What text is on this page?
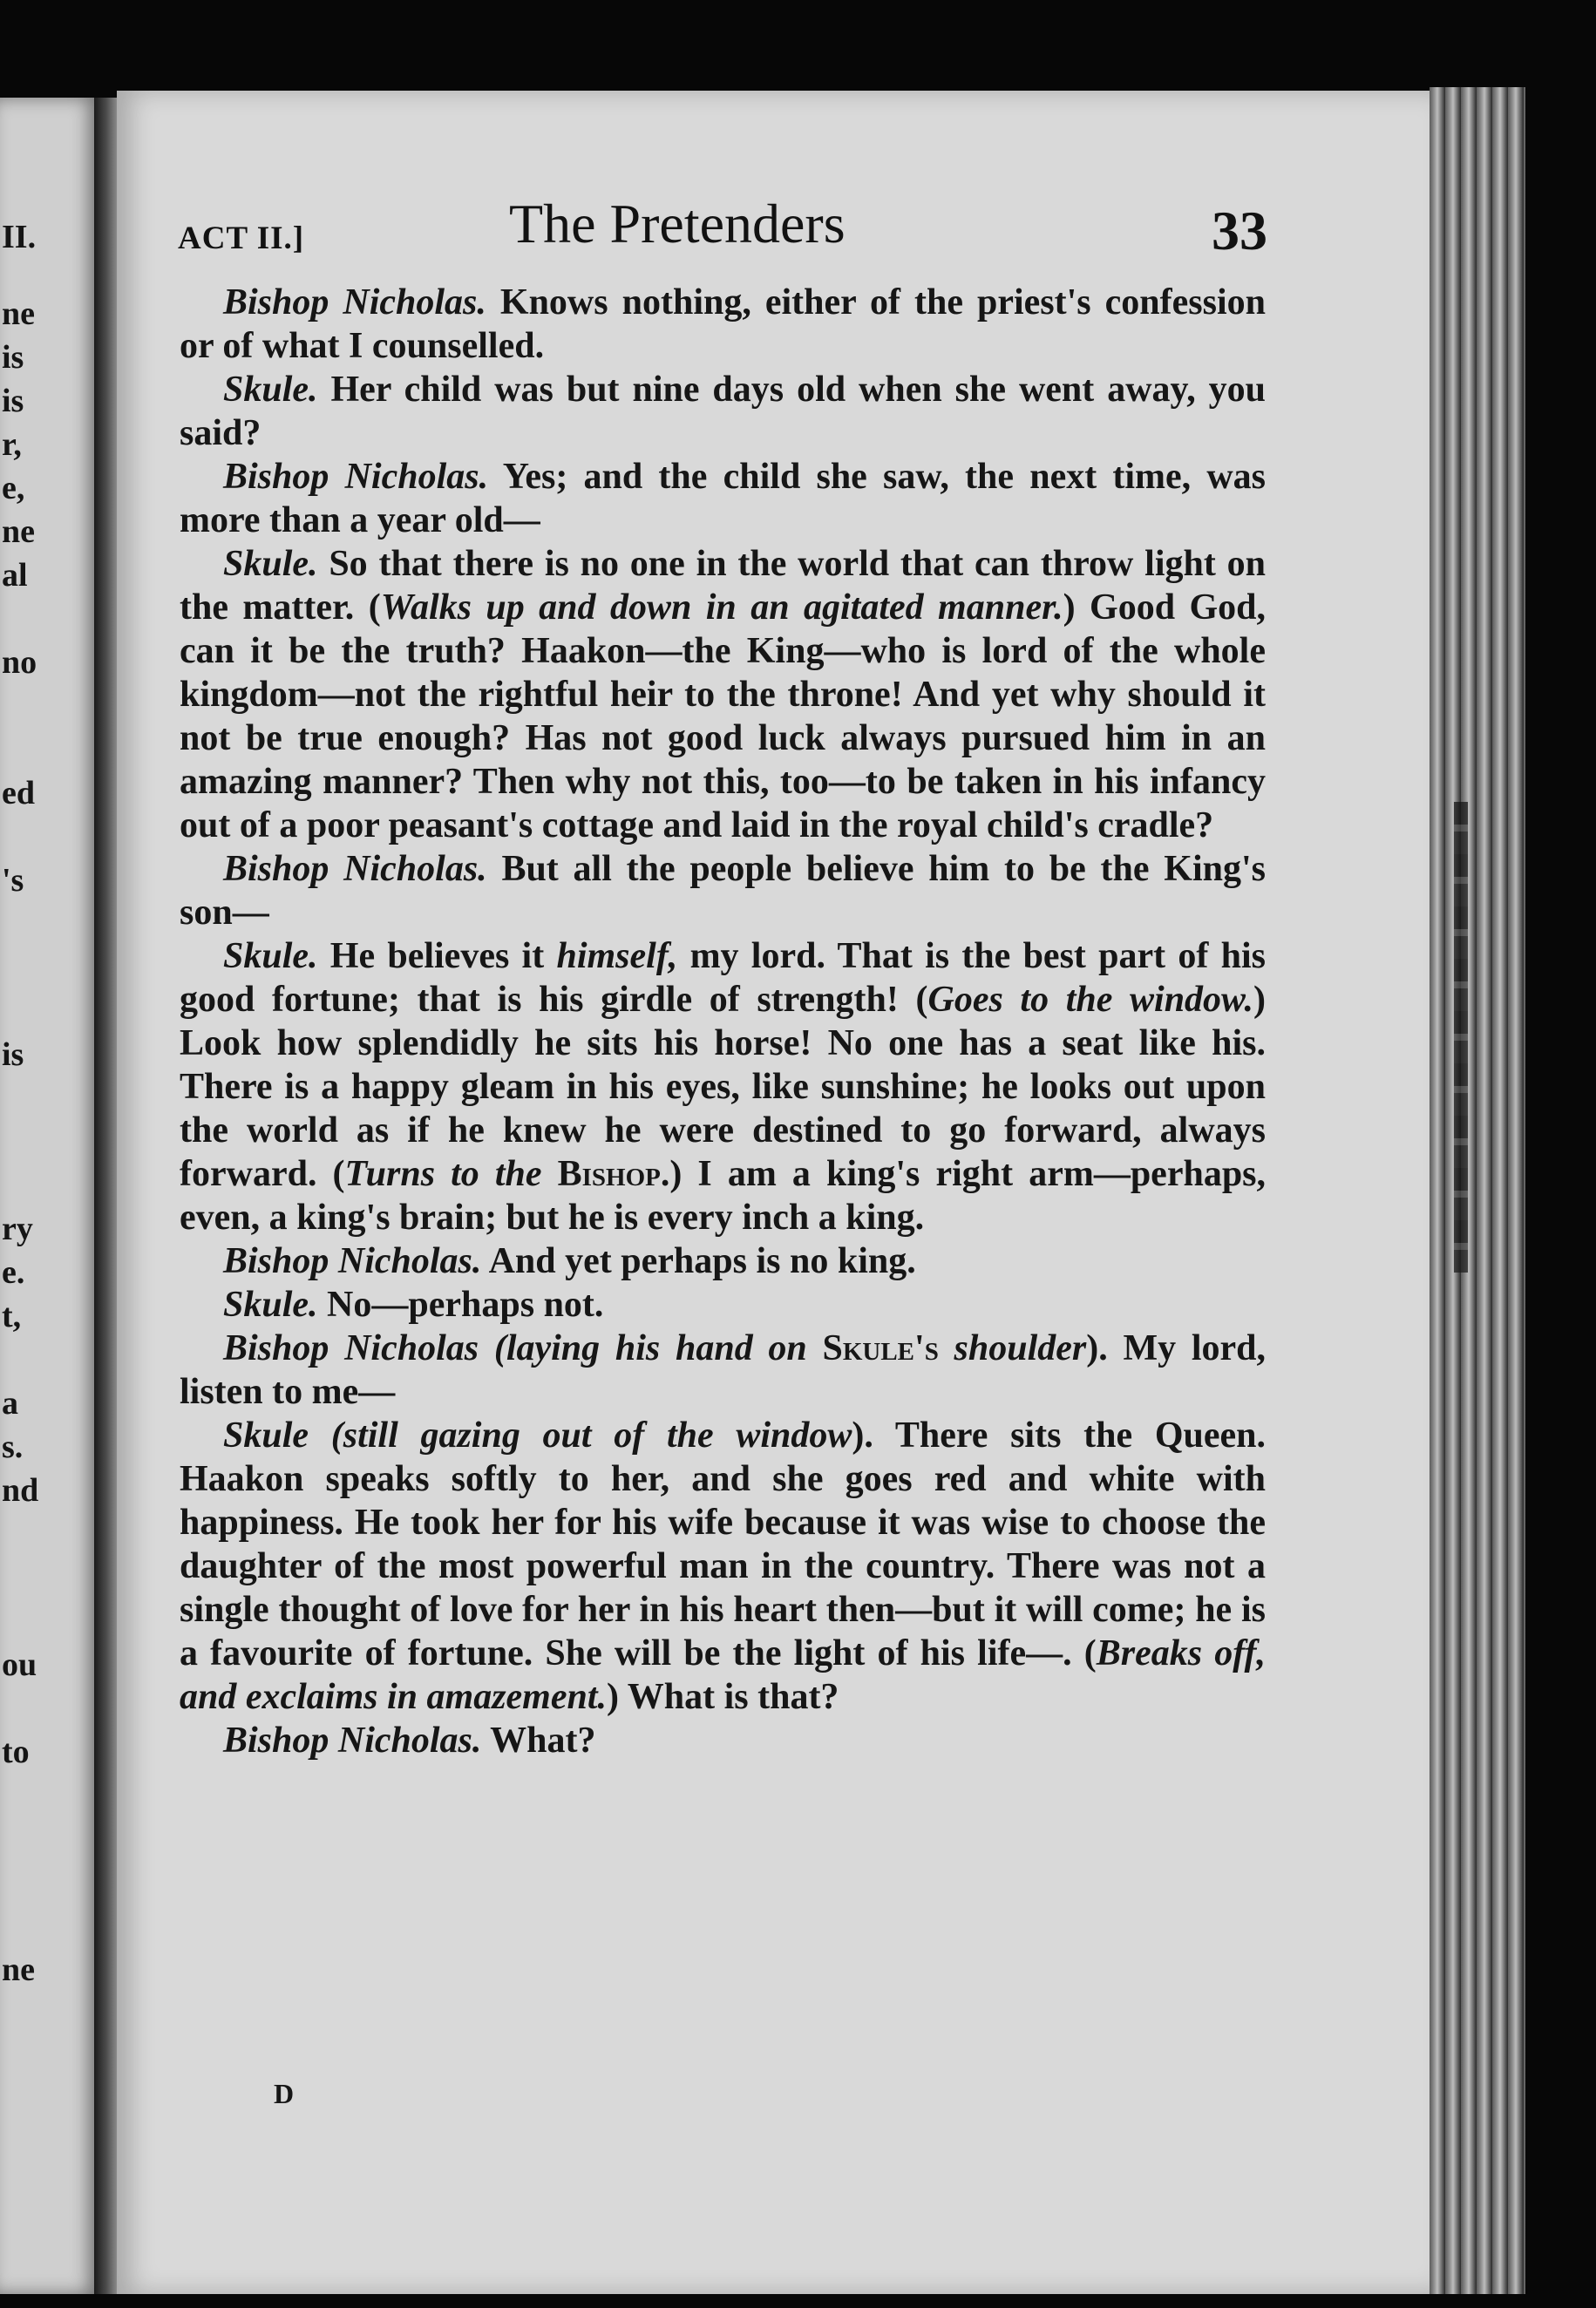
II.
ne
is
is
r,
e,
ne
al
no
ed
's
is
ry
e.
t,
a
s.
nd
ou
to
ne
ACT II.]	The Pretenders	33

Bishop Nicholas. Knows nothing, either of the priest's confession or of what I counselled.

Skule. Her child was but nine days old when she went away, you said?

Bishop Nicholas. Yes; and the child she saw, the next time, was more than a year old—

Skule. So that there is no one in the world that can throw light on the matter. (Walks up and down in an agitated manner.) Good God, can it be the truth? Haakon—the King—who is lord of the whole kingdom—not the rightful heir to the throne! And yet why should it not be true enough? Has not good luck always pursued him in an amazing manner? Then why not this, too—to be taken in his infancy out of a poor peasant's cottage and laid in the royal child's cradle?

Bishop Nicholas. But all the people believe him to be the King's son—

Skule. He believes it himself, my lord. That is the best part of his good fortune; that is his girdle of strength! (Goes to the window.) Look how splendidly he sits his horse! No one has a seat like his. There is a happy gleam in his eyes, like sunshine; he looks out upon the world as if he knew he were destined to go forward, always forward. (Turns to the Bishop.) I am a king's right arm—perhaps, even, a king's brain; but he is every inch a king.

Bishop Nicholas. And yet perhaps is no king.

Skule. No—perhaps not.

Bishop Nicholas (laying his hand on Skule's shoulder). My lord, listen to me—

Skule (still gazing out of the window). There sits the Queen. Haakon speaks softly to her, and she goes red and white with happiness. He took her for his wife because it was wise to choose the daughter of the most powerful man in the country. There was not a single thought of love for her in his heart then—but it will come; he is a favourite of fortune. She will be the light of his life—. (Breaks off, and exclaims in amazement.) What is that?

Bishop Nicholas. What?

D
